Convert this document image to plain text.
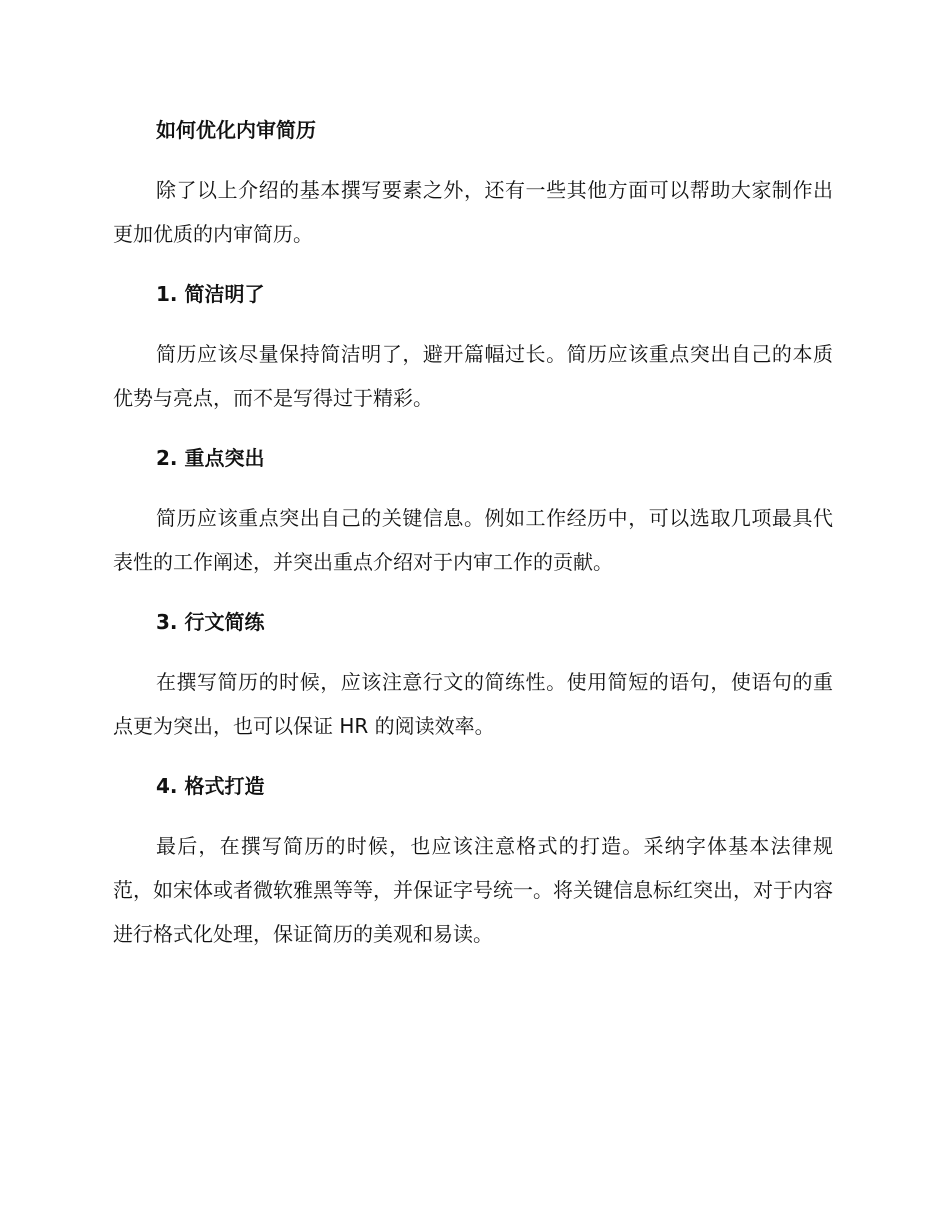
如何优化内审简历

除了以上介绍的基本撰写要素之外，还有一些其他方面可以帮助大家制作出更加优质的内审简历。

1. 简洁明了

简历应该尽量保持简洁明了，避开篇幅过长。简历应该重点突出自己的本质优势与亮点，而不是写得过于精彩。

2. 重点突出

简历应该重点突出自己的关键信息。例如工作经历中，可以选取几项最具代表性的工作阐述，并突出重点介绍对于内审工作的贡献。

3. 行文简练

在撰写简历的时候，应该注意行文的简练性。使用简短的语句，使语句的重点更为突出，也可以保证 HR 的阅读效率。

4. 格式打造

最后，在撰写简历的时候，也应该注意格式的打造。采纳字体基本法律规范，如宋体或者微软雅黑等等，并保证字号统一。将关键信息标红突出，对于内容进行格式化处理，保证简历的美观和易读。
